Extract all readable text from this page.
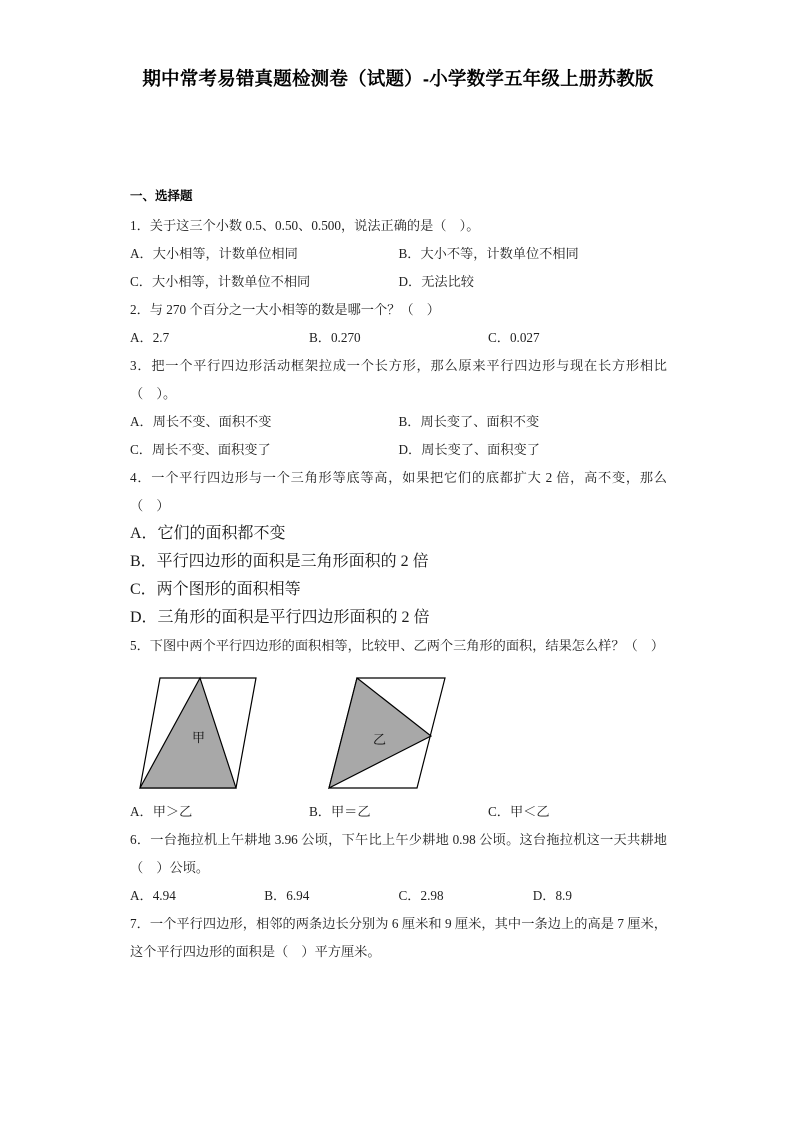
期中常考易错真题检测卷（试题）-小学数学五年级上册苏教版
一、选择题
1．关于这三个小数 0.5、0.50、0.500，说法正确的是（　）。
A．大小相等，计数单位相同	B．大小不等，计数单位不相同
C．大小相等，计数单位不相同	D．无法比较
2．与 270 个百分之一大小相等的数是哪一个？（　）
A．2.7	B．0.270	C．0.027
3．把一个平行四边形活动框架拉成一个长方形，那么原来平行四边形与现在长方形相比（　）。
A．周长不变、面积不变	B．周长变了、面积不变
C．周长不变、面积变了	D．周长变了、面积变了
4．一个平行四边形与一个三角形等底等高，如果把它们的底都扩大 2 倍，高不变，那么（　）
A．它们的面积都不变
B．平行四边形的面积是三角形面积的 2 倍
C．两个图形的面积相等
D．三角形的面积是平行四边形面积的 2 倍
5．下图中两个平行四边形的面积相等，比较甲、乙两个三角形的面积，结果怎么样？（　）
甲	乙
A．甲＞乙	B．甲＝乙	C．甲＜乙
6．一台拖拉机上午耕地 3.96 公顷，下午比上午少耕地 0.98 公顷。这台拖拉机这一天共耕地（　）公顷。
A．4.94	B．6.94	C．2.98	D．8.9
7．一个平行四边形，相邻的两条边长分别为 6 厘米和 9 厘米，其中一条边上的高是 7 厘米，这个平行四边形的面积是（　）平方厘米。
